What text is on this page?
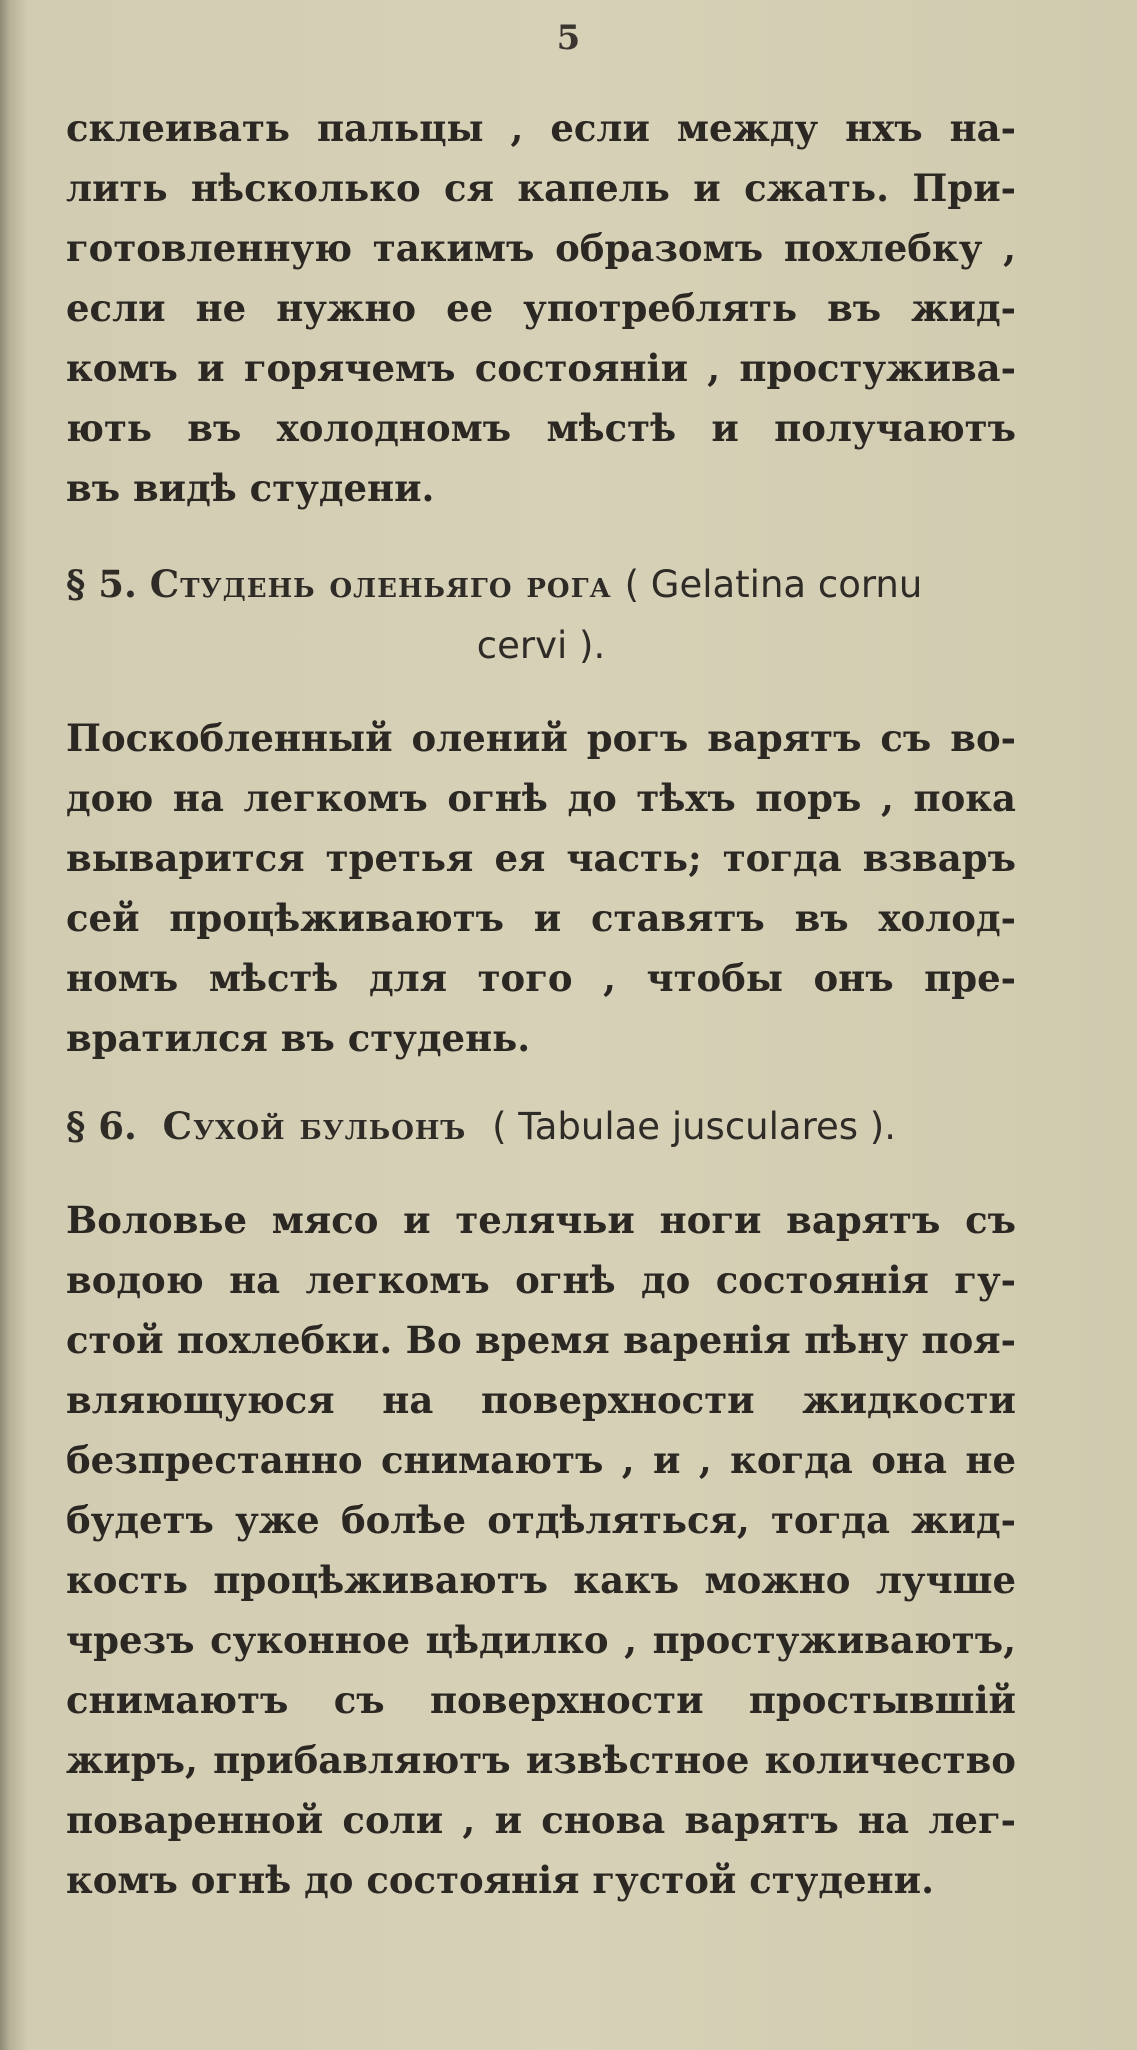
5
склеивать пальцы , если между нхъ на-
лить нѣсколько ся капель и сжать. При-
готовленную такимъ образомъ похлебку ,
если не нужно ее употреблять въ жид-
комъ и горячемъ состоянiи , простужива-
ють въ холодномъ мѣстѣ и получаютъ
въ видѣ студени.
§ 5. Студень оленьяго рога ( Gelatina cornu
cervi ).
Поскобленный олений рогъ варятъ съ во-
дою на легкомъ огнѣ до тѣхъ поръ , пока
выварится третья ея часть; тогда взваръ
сей процѣживаютъ и ставятъ въ холод-
номъ мѣстѣ для того , чтобы онъ пре-
вратился въ студень.
§ 6. Сухой бульонъ ( Tabulae jusculares ).
Воловье мясо и телячьи ноги варятъ съ
водою на легкомъ огнѣ до состоянiя гу-
стой похлебки. Во время варенiя пѣну поя-
вляющуюся на поверхности жидкости
безпрестанно снимаютъ , и , когда она не
будетъ уже болѣе отдѣляться, тогда жид-
кость процѣживаютъ какъ можно лучше
чрезъ суконное цѣдилко , простуживаютъ,
снимаютъ съ поверхности простывшiй
жиръ, прибавляютъ извѣстное количество
поваренной соли , и снова варятъ на лег-
комъ огнѣ до состоянiя густой студени.
